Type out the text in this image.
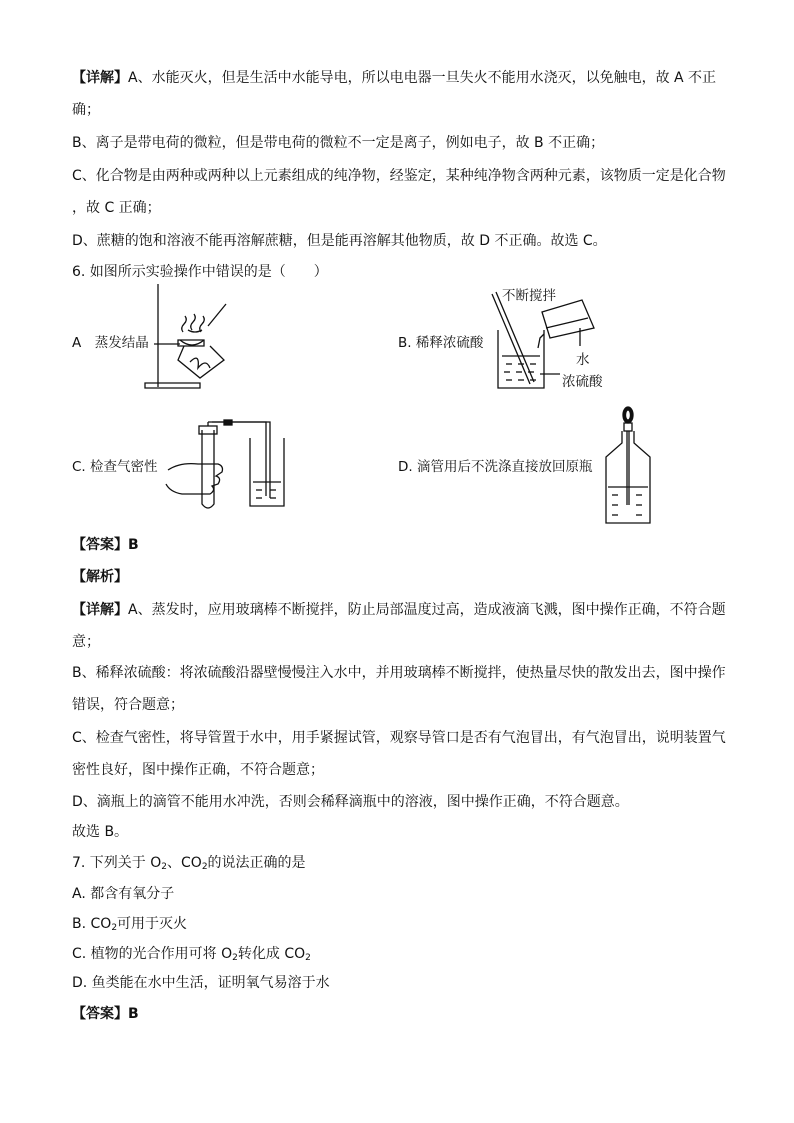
【详解】A、水能灭火，但是生活中水能导电，所以电电器一旦失火不能用水浇灭，以免触电，故 A 不正
确；
B、离子是带电荷的微粒，但是带电荷的微粒不一定是离子，例如电子，故 B 不正确；
C、化合物是由两种或两种以上元素组成的纯净物，经鉴定，某种纯净物含两种元素，该物质一定是化合物
，故 C 正确；
D、蔗糖的饱和溶液不能再溶解蔗糖，但是能再溶解其他物质，故 D 不正确。故选 C。
6. 如图所示实验操作中错误的是（　　）
A　蒸发结晶	B. 稀释浓硫酸
C. 检查气密性	D. 滴管用后不洗涤直接放回原瓶
不断搅拌
水
浓硫酸
【答案】B
【解析】
【详解】A、蒸发时，应用玻璃棒不断搅拌，防止局部温度过高，造成液滴飞溅，图中操作正确，不符合题
意；
B、稀释浓硫酸：将浓硫酸沿器壁慢慢注入水中，并用玻璃棒不断搅拌，使热量尽快的散发出去，图中操作
错误，符合题意；
C、检查气密性，将导管置于水中，用手紧握试管，观察导管口是否有气泡冒出，有气泡冒出，说明装置气
密性良好，图中操作正确，不符合题意；
D、滴瓶上的滴管不能用水冲洗，否则会稀释滴瓶中的溶液，图中操作正确，不符合题意。
故选 B。
7. 下列关于 $O_2$、$CO_2$的说法正确的是
A. 都含有氧分子
B. $CO_2$可用于灭火
C. 植物的光合作用可将 $O_2$转化成 $CO_2$
D. 鱼类能在水中生活，证明氧气易溶于水
【答案】B
